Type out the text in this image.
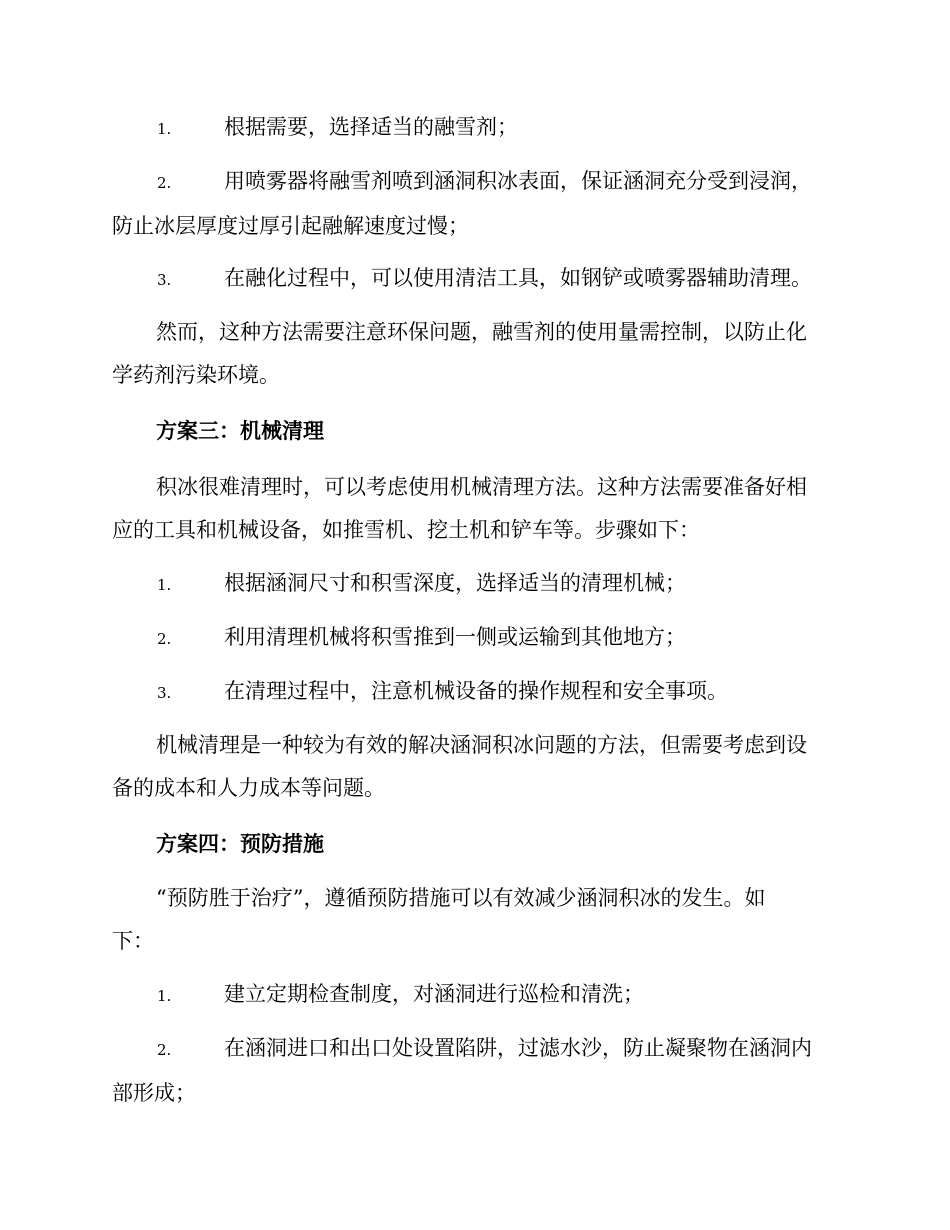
1.	根据需要，选择适当的融雪剂；
2.	用喷雾器将融雪剂喷到涵洞积冰表面，保证涵洞充分受到浸润，
防止冰层厚度过厚引起融解速度过慢；
3.	在融化过程中，可以使用清洁工具，如钢铲或喷雾器辅助清理。
然而，这种方法需要注意环保问题，融雪剂的使用量需控制，以防止化
学药剂污染环境。
方案三：机械清理
积冰很难清理时，可以考虑使用机械清理方法。这种方法需要准备好相
应的工具和机械设备，如推雪机、挖土机和铲车等。步骤如下：
1.	根据涵洞尺寸和积雪深度，选择适当的清理机械；
2.	利用清理机械将积雪推到一侧或运输到其他地方；
3.	在清理过程中，注意机械设备的操作规程和安全事项。
机械清理是一种较为有效的解决涵洞积冰问题的方法，但需要考虑到设
备的成本和人力成本等问题。
方案四：预防措施
“预防胜于治疗”，遵循预防措施可以有效减少涵洞积冰的发生。如
下：
1.	建立定期检查制度，对涵洞进行巡检和清洗；
2.	在涵洞进口和出口处设置陷阱，过滤水沙，防止凝聚物在涵洞内
部形成；
